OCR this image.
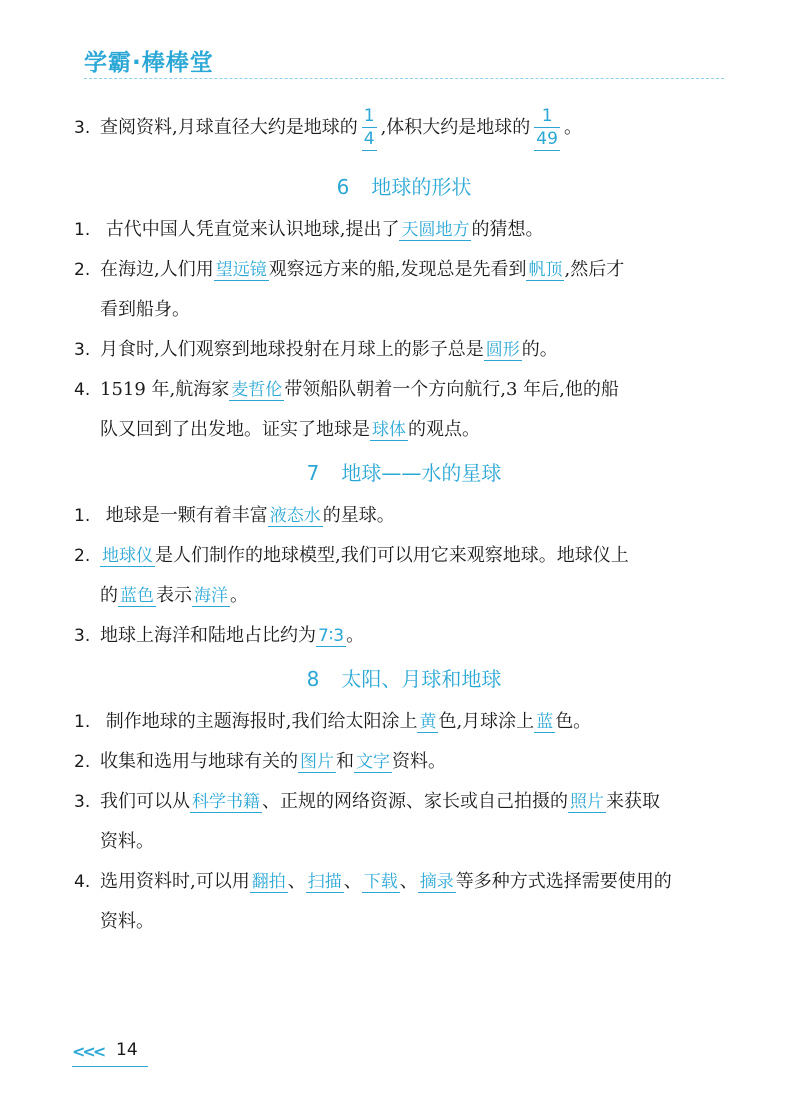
学霸·棒棒堂
3. 查阅资料,月球直径大约是地球的 $\frac{1}{4}$ ,体积大约是地球的 $\frac{1}{49}$ 。
6 地球的形状
1. 古代中国人凭直觉来认识地球,提出了 天圆地方 的猜想。
2. 在海边,人们用 望远镜 观察远方来的船,发现总是先看到 帆顶 ,然后才
看到船身。
3. 月食时,人们观察到地球投射在月球上的影子总是 圆形 的。
4. 1519 年,航海家 麦哲伦 带领船队朝着一个方向航行,3 年后,他的船
队又回到了出发地。证实了地球是 球体 的观点。
7 地球——水的星球
1. 地球是一颗有着丰富 液态水 的星球。
2. 地球仪 是人们制作的地球模型,我们可以用它来观察地球。地球仪上
的 蓝色 表示 海洋 。
3. 地球上海洋和陆地占比约为 7∶3 。
8 太阳、月球和地球
1. 制作地球的主题海报时,我们给太阳涂上 黄 色,月球涂上 蓝 色。
2. 收集和选用与地球有关的 图片 和 文字 资料。
3. 我们可以从 科学书籍 、正规的网络资源、家长或自己拍摄的 照片 来获取
资料。
4. 选用资料时,可以用 翻拍 、 扫描 、 下载 、 摘录 等多种方式选择需要使用的
资料。
<<< 14
